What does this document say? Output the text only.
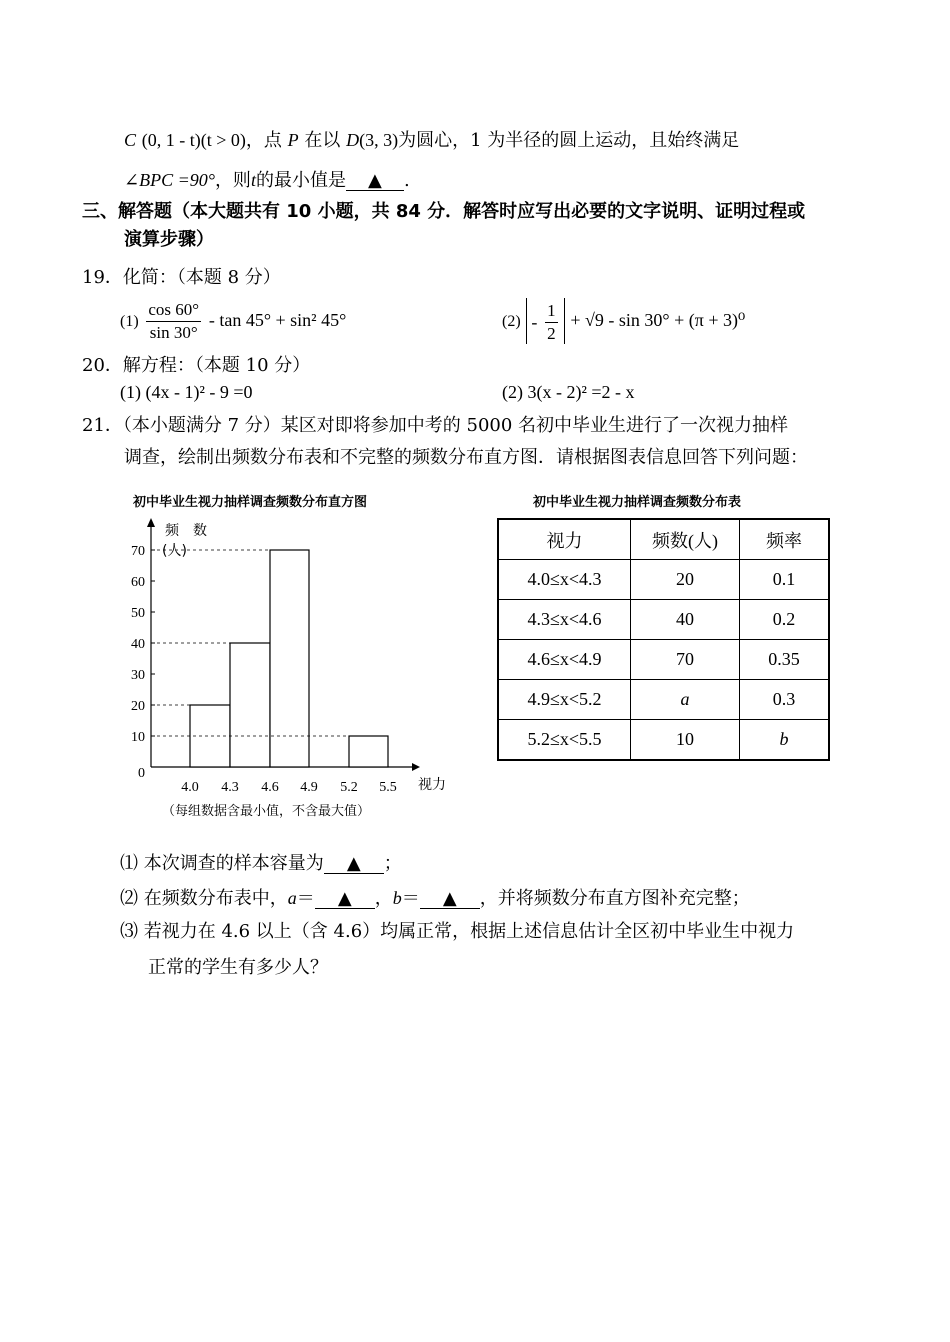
C (0, 1 - t)(t > 0)，点 P 在以 D(3, 3)为圆心，1 为半径的圆上运动，且始终满足
∠BPC =90°，则t的最小值是 ▲ .
三、解答题（本大题共有 10 小题，共 84 分．解答时应写出必要的文字说明、证明过程或
演算步骤）
19．化简：（本题 8 分）
$(1) \frac{\cos 60^\circ}{\sin 30^\circ} - \tan 45^\circ + \sin^2$ 45°	$(2) - \frac{1}{2} + √9 - \sin 30^\circ + (\pi + 3)^0$
20．解方程：（本题 10 分）
(1) (4x - 1)² - 9 =0	(2) 3(x - 2)² =2 - x
21．（本小题满分 7 分）某区对即将参加中考的 5000 名初中毕业生进行了一次视力抽样
调查，绘制出频数分布表和不完整的频数分布直方图．请根据图表信息回答下列问题：
初中毕业生视力抽样调查频数分布直方图
0
10
20
30
40
50
60
70
频　数
(人)
4.0 4.3 4.6 4.9 5.2 5.5 视力
（每组数据含最小值，不含最大值）
初中毕业生视力抽样调查频数分布表
视力	频数(人)	频率
4.0≤x<4.3	20	0.1
4.3≤x<4.6	40	0.2
4.6≤x<4.9	70	0.35
4.9≤x<5.2	a	0.3
5.2≤x<5.5	10	b
⑴ 本次调查的样本容量为 ▲ ；
⑵ 在频数分布表中，a＝ ▲ ，b＝ ▲ ，并将频数分布直方图补充完整；
⑶ 若视力在 4.6 以上（含 4.6）均属正常，根据上述信息估计全区初中毕业生中视力
正常的学生有多少人？
